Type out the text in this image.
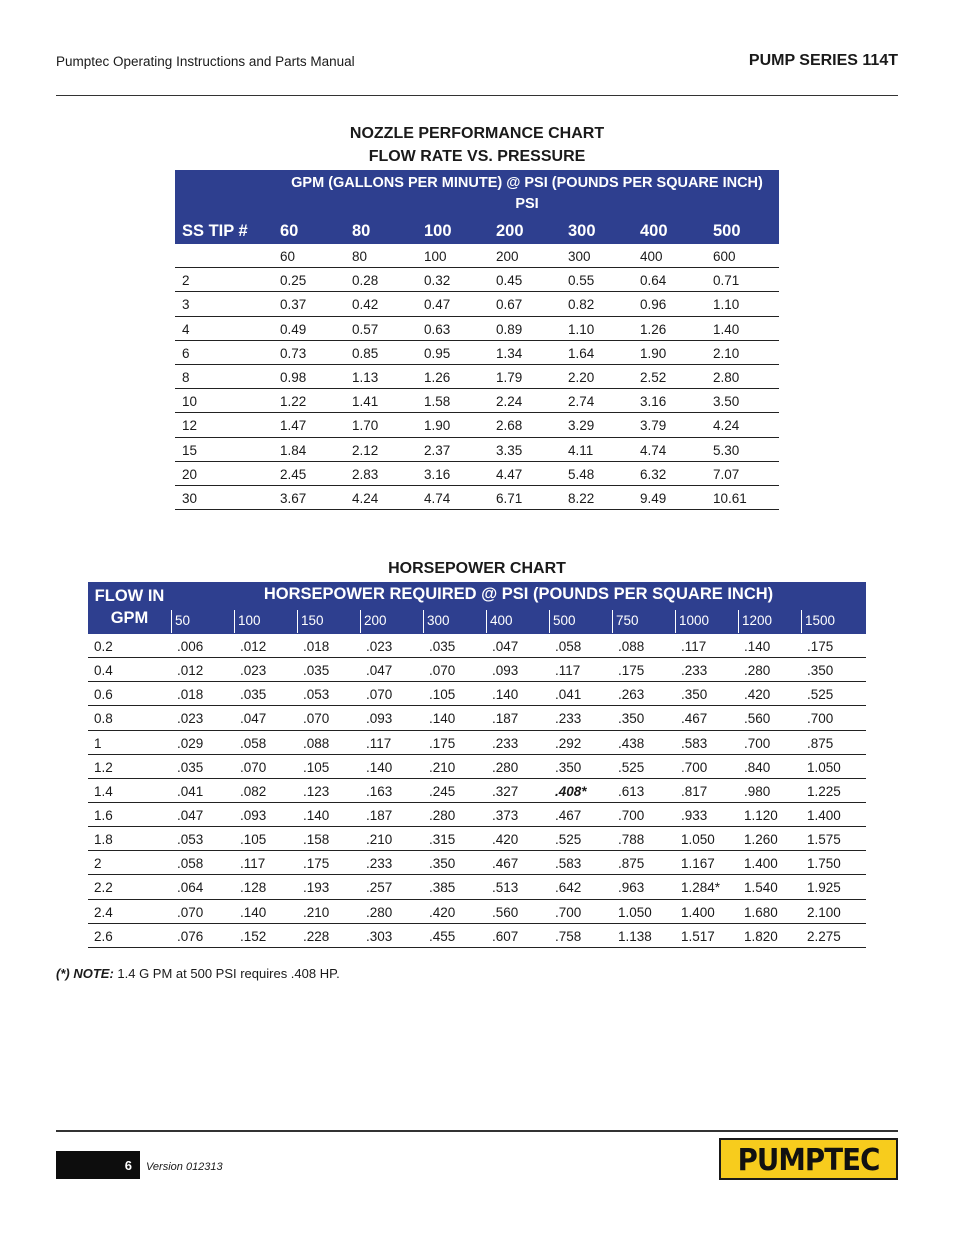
Pumptec Operating Instructions and Parts Manual	PUMP SERIES 114T
NOZZLE PERFORMANCE CHART
FLOW RATE VS. PRESSURE
GPM (GALLONS PER MINUTE) @ PSI (POUNDS PER SQUARE INCH)
PSI
SS TIP # 60	80	100	200	300	400	500
60	80	100	200	300	400	600
2	0.25	0.28	0.32	0.45	0.55	0.64	0.71
3	0.37	0.42	0.47	0.67	0.82	0.96	1.10
4	0.49	0.57	0.63	0.89	1.10	1.26	1.40
6	0.73	0.85	0.95	1.34	1.64	1.90	2.10
8	0.98	1.13	1.26	1.79	2.20	2.52	2.80
10	1.22	1.41	1.58	2.24	2.74	3.16	3.50
12	1.47	1.70	1.90	2.68	3.29	3.79	4.24
15	1.84	2.12	2.37	3.35	4.11	4.74	5.30
20	2.45	2.83	3.16	4.47	5.48	6.32	7.07
30	3.67	4.24	4.74	6.71	8.22	9.49	10.61
HORSEPOWER CHART
FLOW IN
GPM
HORSEPOWER REQUIRED @ PSI (POUNDS PER SQUARE INCH)
50	100	150	200	300	400	500	750	1000	1200	1500
0.2	.006	.012	.018	.023	.035	.047	.058	.088	.117	.140	.175
0.4	.012	.023	.035	.047	.070	.093	.117	.175	.233	.280	.350
0.6	.018	.035	.053	.070	.105	.140	.041	.263	.350	.420	.525
0.8	.023	.047	.070	.093	.140	.187	.233	.350	.467	.560	.700
1	.029	.058	.088	.117	.175	.233	.292	.438	.583	.700	.875
1.2	.035	.070	.105	.140	.210	.280	.350	.525	.700	.840	1.050
1.4	.041	.082	.123	.163	.245	.327	.408* .613	.817	.980	1.225
1.6	.047	.093	.140	.187	.280	.373	.467	.700	.933	1.120 1.400
1.8	.053	.105	.158	.210	.315	.420	.525	.788	1.050 1.260 1.575
2	.058	.117	.175	.233	.350	.467	.583	.875	1.167 1.400 1.750
2.2	.064	.128	.193	.257	.385	.513	.642	.963	1.284* 1.540 1.925
2.4	.070	.140	.210	.280	.420	.560	.700	1.050 1.400 1.680 2.100
2.6	.076	.152	.228	.303	.455	.607	.758	1.138 1.517 1.820 2.275
(*) NOTE: 1.4 G PM at 500 PSI requires .408 HP.
6 Version 012313	PUMPTEC
